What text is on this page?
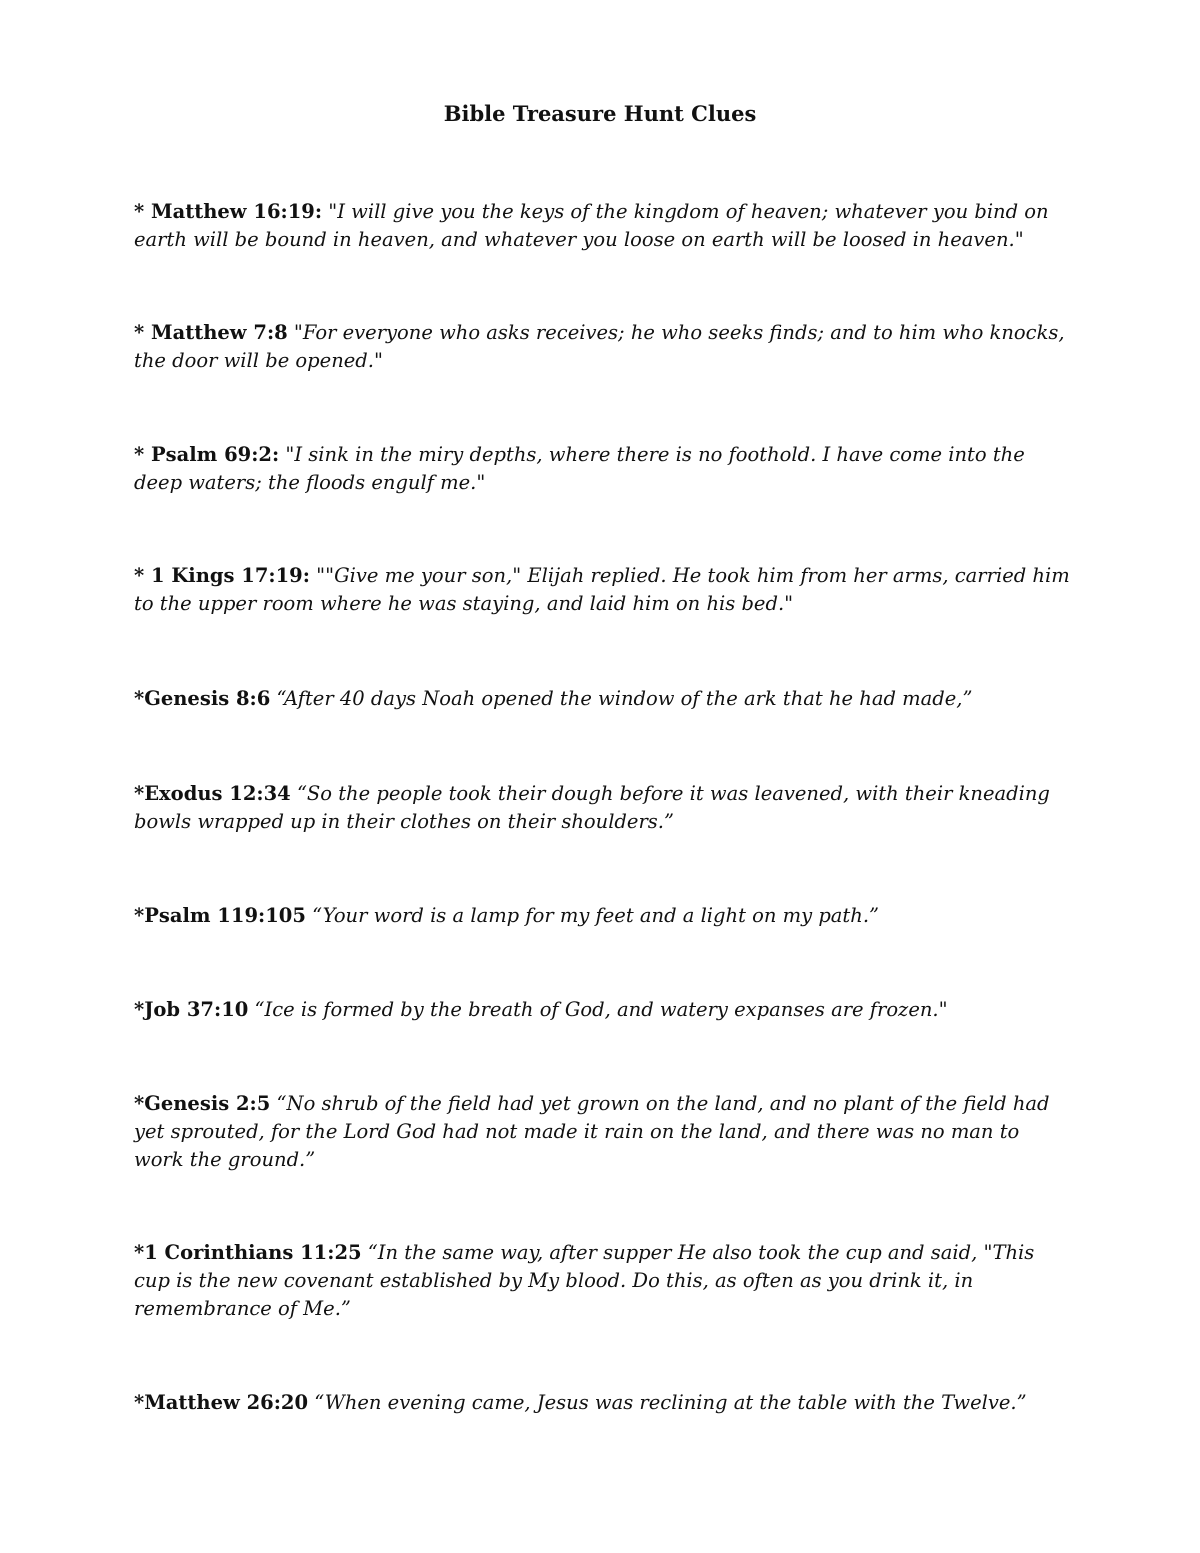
Bible Treasure Hunt Clues

* Matthew 16:19: "I will give you the keys of the kingdom of heaven; whatever you bind on earth will be bound in heaven, and whatever you loose on earth will be loosed in heaven."

* Matthew 7:8 "For everyone who asks receives; he who seeks finds; and to him who knocks, the door will be opened."

* Psalm 69:2: "I sink in the miry depths, where there is no foothold. I have come into the deep waters; the floods engulf me."

* 1 Kings 17:19: ""Give me your son," Elijah replied. He took him from her arms, carried him to the upper room where he was staying, and laid him on his bed."

*Genesis 8:6 “After 40 days Noah opened the window of the ark that he had made,”

*Exodus 12:34 “So the people took their dough before it was leavened, with their kneading bowls wrapped up in their clothes on their shoulders.”

*Psalm 119:105 “Your word is a lamp for my feet and a light on my path.”

*Job 37:10 “Ice is formed by the breath of God, and watery expanses are frozen."

*Genesis 2:5 “No shrub of the field had yet grown on the land, and no plant of the field had yet sprouted, for the Lord God had not made it rain on the land, and there was no man to work the ground.”

*1 Corinthians 11:25 “In the same way, after supper He also took the cup and said, "This cup is the new covenant established by My blood. Do this, as often as you drink it, in remembrance of Me.”

*Matthew 26:20 “When evening came, Jesus was reclining at the table with the Twelve.”
